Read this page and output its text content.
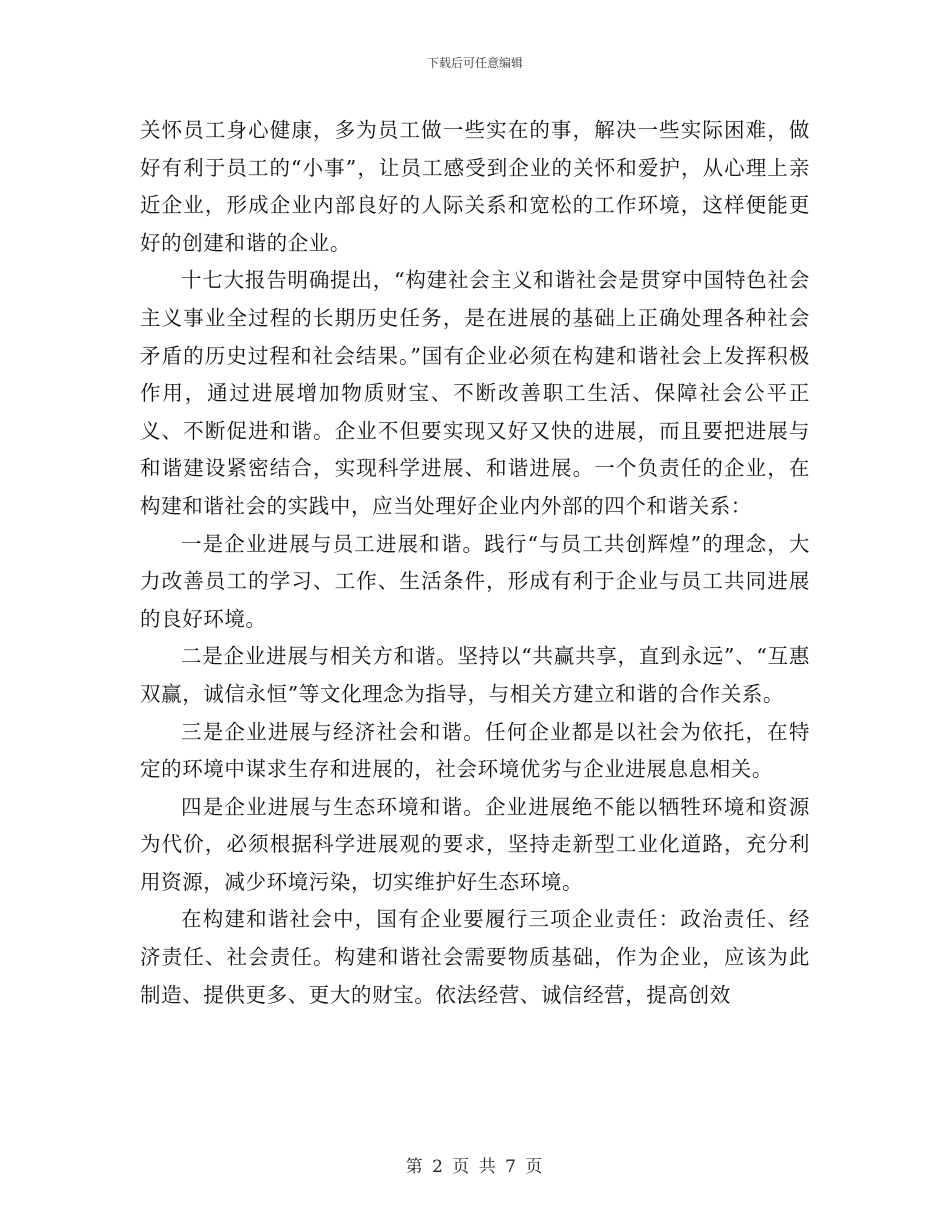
下载后可任意编辑

关怀员工身心健康，多为员工做一些实在的事，解决一些实际困难，做好有利于员工的“小事”，让员工感受到企业的关怀和爱护，从心理上亲近企业，形成企业内部良好的人际关系和宽松的工作环境，这样便能更好的创建和谐的企业。

十七大报告明确提出，“构建社会主义和谐社会是贯穿中国特色社会主义事业全过程的长期历史任务，是在进展的基础上正确处理各种社会矛盾的历史过程和社会结果。”国有企业必须在构建和谐社会上发挥积极作用，通过进展增加物质财宝、不断改善职工生活、保障社会公平正义、不断促进和谐。企业不但要实现又好又快的进展，而且要把进展与和谐建设紧密结合，实现科学进展、和谐进展。一个负责任的企业，在构建和谐社会的实践中，应当处理好企业内外部的四个和谐关系：

一是企业进展与员工进展和谐。践行“与员工共创辉煌”的理念，大力改善员工的学习、工作、生活条件，形成有利于企业与员工共同进展的良好环境。

二是企业进展与相关方和谐。坚持以“共赢共享，直到永远”、“互惠双赢，诚信永恒”等文化理念为指导，与相关方建立和谐的合作关系。

三是企业进展与经济社会和谐。任何企业都是以社会为依托，在特定的环境中谋求生存和进展的，社会环境优劣与企业进展息息相关。

四是企业进展与生态环境和谐。企业进展绝不能以牺牲环境和资源为代价，必须根据科学进展观的要求，坚持走新型工业化道路，充分利用资源，减少环境污染，切实维护好生态环境。

在构建和谐社会中，国有企业要履行三项企业责任：政治责任、经济责任、社会责任。构建和谐社会需要物质基础，作为企业，应该为此制造、提供更多、更大的财宝。依法经营、诚信经营，提高创效

第 2 页 共 7 页
